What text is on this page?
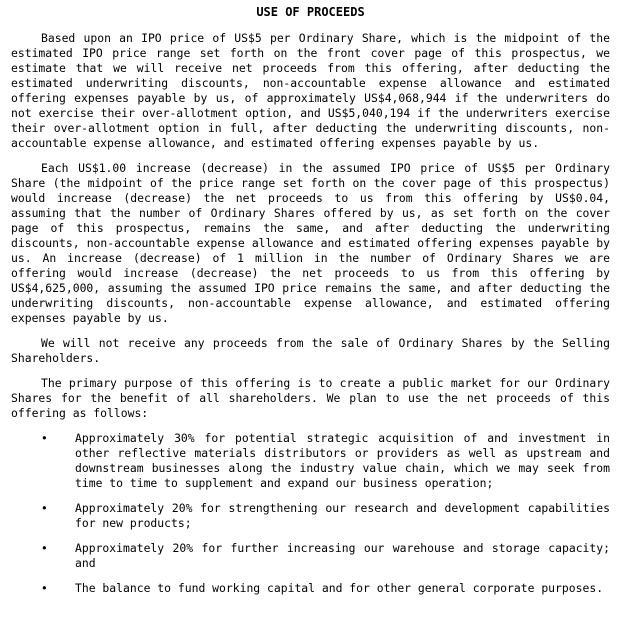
USE OF PROCEEDS

Based upon an IPO price of US$5 per Ordinary Share, which is the midpoint of the estimated IPO price range set forth on the front cover page of this prospectus, we estimate that we will receive net proceeds from this offering, after deducting the estimated underwriting discounts, non-accountable expense allowance and estimated offering expenses payable by us, of approximately US$4,068,944 if the underwriters do not exercise their over-allotment option, and US$5,040,194 if the underwriters exercise their over-allotment option in full, after deducting the underwriting discounts, non-accountable expense allowance, and estimated offering expenses payable by us.

Each US$1.00 increase (decrease) in the assumed IPO price of US$5 per Ordinary Share (the midpoint of the price range set forth on the cover page of this prospectus) would increase (decrease) the net proceeds to us from this offering by US$0.04, assuming that the number of Ordinary Shares offered by us, as set forth on the cover page of this prospectus, remains the same, and after deducting the underwriting discounts, non-accountable expense allowance and estimated offering expenses payable by us. An increase (decrease) of 1 million in the number of Ordinary Shares we are offering would increase (decrease) the net proceeds to us from this offering by US$4,625,000, assuming the assumed IPO price remains the same, and after deducting the underwriting discounts, non-accountable expense allowance, and estimated offering expenses payable by us.

We will not receive any proceeds from the sale of Ordinary Shares by the Selling Shareholders.

The primary purpose of this offering is to create a public market for our Ordinary Shares for the benefit of all shareholders. We plan to use the net proceeds of this offering as follows:

• Approximately 30% for potential strategic acquisition of and investment in other reflective materials distributors or providers as well as upstream and downstream businesses along the industry value chain, which we may seek from time to time to supplement and expand our business operation;
• Approximately 20% for strengthening our research and development capabilities for new products;
• Approximately 20% for further increasing our warehouse and storage capacity; and
• The balance to fund working capital and for other general corporate purposes.
